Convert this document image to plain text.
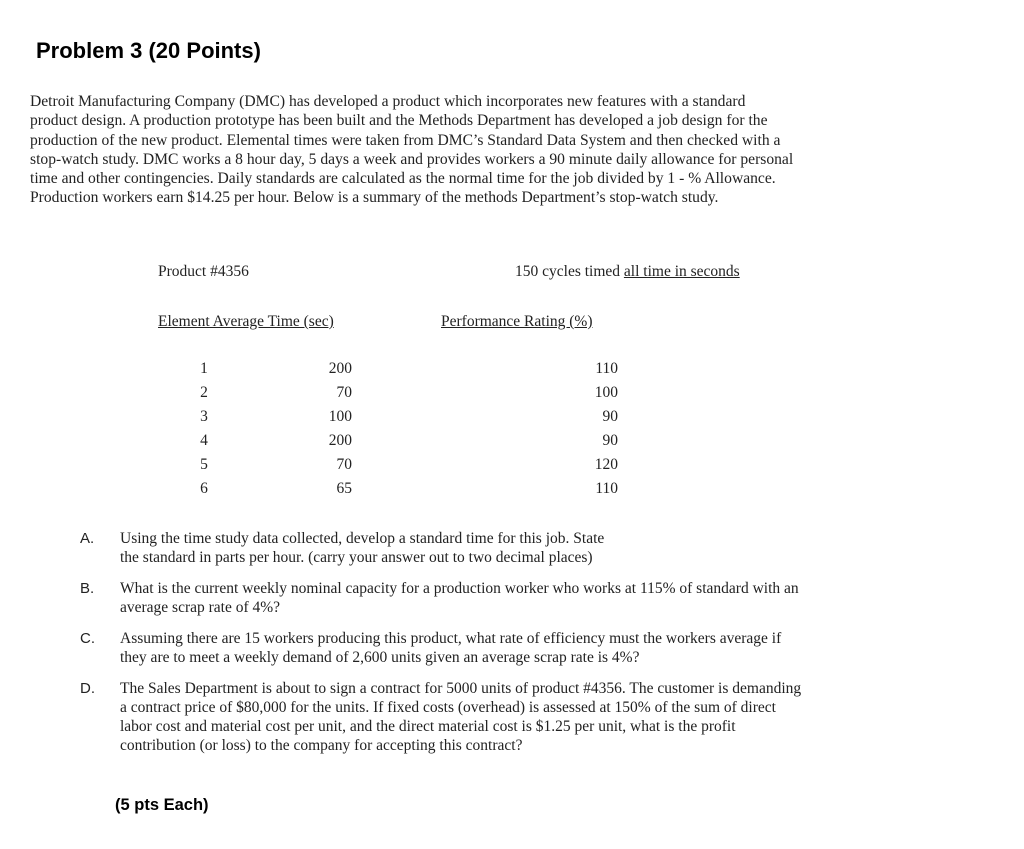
Problem 3 (20 Points)
Detroit Manufacturing Company (DMC) has developed a product which incorporates new features with a standard
product design. A production prototype has been built and the Methods Department has developed a job design for the
production of the new product. Elemental times were taken from DMC’s Standard Data System and then checked with a
stop-watch study. DMC works a 8 hour day, 5 days a week and provides workers a 90 minute daily allowance for personal
time and other contingencies. Daily standards are calculated as the normal time for the job divided by 1 - % Allowance.
Production workers earn $14.25 per hour. Below is a summary of the methods Department’s stop-watch study.
Product #4356	150 cycles timed all time in seconds
Element Average Time (sec)	Performance Rating (%)
1	200	110
2	70	100
3	100	90
4	200	90
5	70	120
6	65	110
A. Using the time study data collected, develop a standard time for this job. State
the standard in parts per hour. (carry your answer out to two decimal places)
B. What is the current weekly nominal capacity for a production worker who works at 115% of standard with an
average scrap rate of 4%?
C. Assuming there are 15 workers producing this product, what rate of efficiency must the workers average if
they are to meet a weekly demand of 2,600 units given an average scrap rate is 4%?
D. The Sales Department is about to sign a contract for 5000 units of product #4356. The customer is demanding
a contract price of $80,000 for the units. If fixed costs (overhead) is assessed at 150% of the sum of direct
labor cost and material cost per unit, and the direct material cost is $1.25 per unit, what is the profit
contribution (or loss) to the company for accepting this contract?
(5 pts Each)
